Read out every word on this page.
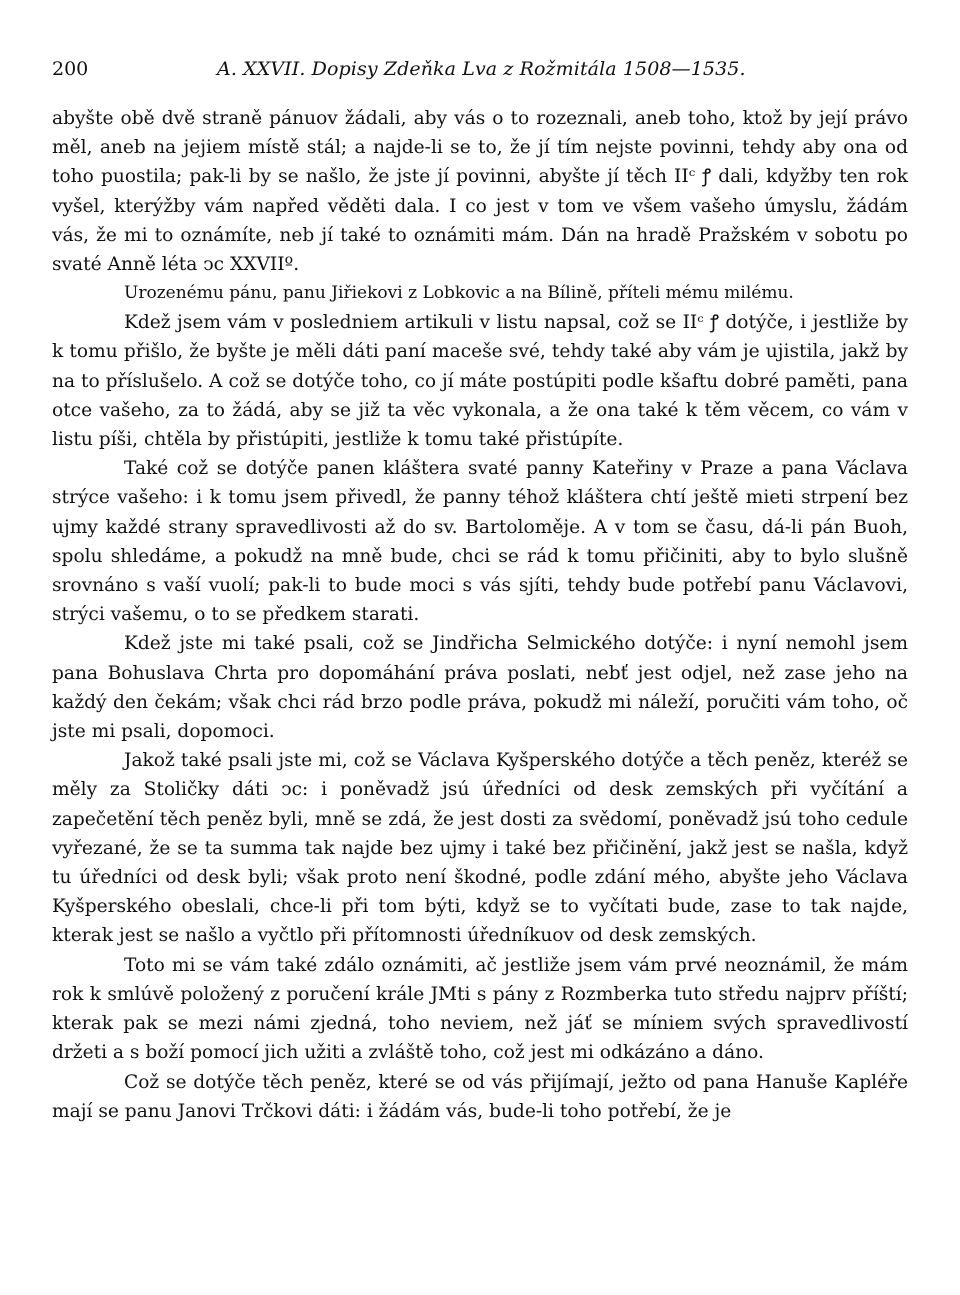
200	A. XXVII. Dopisy Zdeňka Lva z Rožmitála 1508—1535.

abyšte obě dvě straně pánuov žádali, aby vás o to rozeznali, aneb toho, ktož by její právo měl, aneb na jejiem místě stál; a najde-li se to, že jí tím nejste povinni, tehdy aby ona od toho puostila; pak-li by se našlo, že jste jí povinni, abyšte jí těch IIᶜ ꝭ dali, kdyžby ten rok vyšel, kterýžby vám napřed věděti dala. I co jest v tom ve všem vašeho úmyslu, žádám vás, že mi to oznámíte, neb jí také to oznámiti mám. Dán na hradě Pražském v sobotu po svaté Anně léta ↄc XXVIIº.

Urozenému pánu, panu Jiřiekovi z Lobkovic a na Bílině, příteli mému milému.

Kdež jsem vám v posledniem artikuli v listu napsal, což se IIᶜ ꝭ dotýče, i jestliže by k tomu přišlo, že byšte je měli dáti paní maceše své, tehdy také aby vám je ujistila, jakž by na to příslušelo. A což se dotýče toho, co jí máte postúpiti podle kšaftu dobré paměti, pana otce vašeho, za to žádá, aby se již ta věc vykonala, a že ona také k těm věcem, co vám v listu píši, chtěla by přistúpiti, jestliže k tomu také přistúpíte.

Také což se dotýče panen kláštera svaté panny Kateřiny v Praze a pana Václava strýce vašeho: i k tomu jsem přivedl, že panny téhož kláštera chtí ještě mieti strpení bez ujmy každé strany spravedlivosti až do sv. Bartoloměje. A v tom se času, dá-li pán Buoh, spolu shledáme, a pokudž na mně bude, chci se rád k tomu přičiniti, aby to bylo slušně srovnáno s vaší vuolí; pak-li to bude moci s vás sjíti, tehdy bude potřebí panu Václavovi, strýci vašemu, o to se předkem starati.

Kdež jste mi také psali, což se Jindřicha Selmického dotýče: i nyní nemohl jsem pana Bohuslava Chrta pro dopomáhání práva poslati, nebť jest odjel, než zase jeho na každý den čekám; však chci rád brzo podle práva, pokudž mi náleží, poručiti vám toho, oč jste mi psali, dopomoci.

Jakož také psali jste mi, což se Václava Kyšperského dotýče a těch peněz, kteréž se měly za Stoličky dáti ↄc: i poněvadž jsú úředníci od desk zemských při vyčítání a zapečetění těch peněz byli, mně se zdá, že jest dosti za svědomí, poněvadž jsú toho cedule vyřezané, že se ta summa tak najde bez ujmy i také bez přičinění, jakž jest se našla, když tu úředníci od desk byli; však proto není škodné, podle zdání mého, abyšte jeho Václava Kyšperského obeslali, chce-li při tom býti, když se to vyčítati bude, zase to tak najde, kterak jest se našlo a vyčtlo při přítomnosti úředníkuov od desk zemských.

Toto mi se vám také zdálo oznámiti, ač jestliže jsem vám prvé neoznámil, že mám rok k smlúvě položený z poručení krále JMti s pány z Rozmberka tuto středu najprv příští; kterak pak se mezi námi zjedná, toho neviem, než jáť se míniem svých spravedlivostí držeti a s boží pomocí jich užiti a zvláště toho, což jest mi odkázáno a dáno.

Což se dotýče těch peněz, které se od vás přijímají, ježto od pana Hanuše Kapléře mají se panu Janovi Trčkovi dáti: i žádám vás, bude-li toho potřebí, že je
